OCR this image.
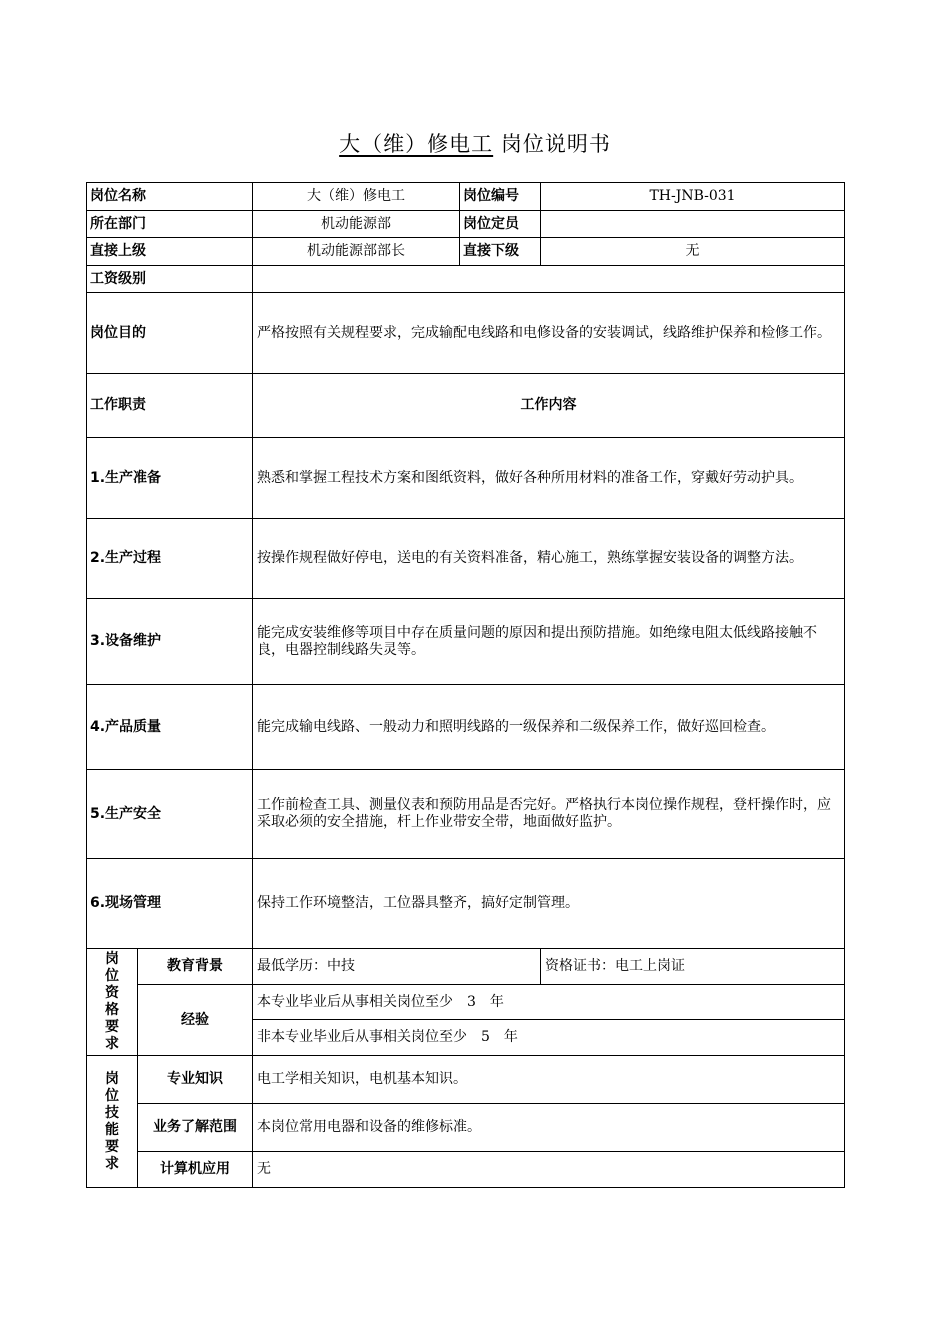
大（维）修电工 岗位说明书
岗位名称		大（维）修电工	岗位编号	TH-JNB-031
所在部门		机动能源部	岗位定员	
直接上级		机动能源部部长	直接下级	无
工资级别				
岗位目的		严格按照有关规程要求，完成输配电线路和电修设备的安装调试，线路维护保养和检修工作。		
工作职责		工作内容		
1.生产准备		熟悉和掌握工程技术方案和图纸资料，做好各种所用材料的准备工作，穿戴好劳动护具。		
2.生产过程		按操作规程做好停电，送电的有关资料准备，精心施工，熟练掌握安装设备的调整方法。		
3.设备维护		能完成安装维修等项目中存在质量问题的原因和提出预防措施。如绝缘电阻太低线路接触不良，电器控制线路失灵等。		
4.产品质量		能完成输电线路、一般动力和照明线路的一级保养和二级保养工作，做好巡回检查。		
5.生产安全		工作前检查工具、测量仪表和预防用品是否完好。严格执行本岗位操作规程，登杆操作时，应采取必须的安全措施，杆上作业带安全带，地面做好监护。		
6.现场管理		保持工作环境整洁，工位器具整齐，搞好定制管理。		
岗位资格要求	教育背景	最低学历：中技		资格证书：电工上岗证
	经验	本专业毕业后从事相关岗位至少　3　年		
		非本专业毕业后从事相关岗位至少　5　年		
岗位技能要求	专业知识	电工学相关知识，电机基本知识。		
	业务了解范围	本岗位常用电器和设备的维修标准。		
	计算机应用	无		
